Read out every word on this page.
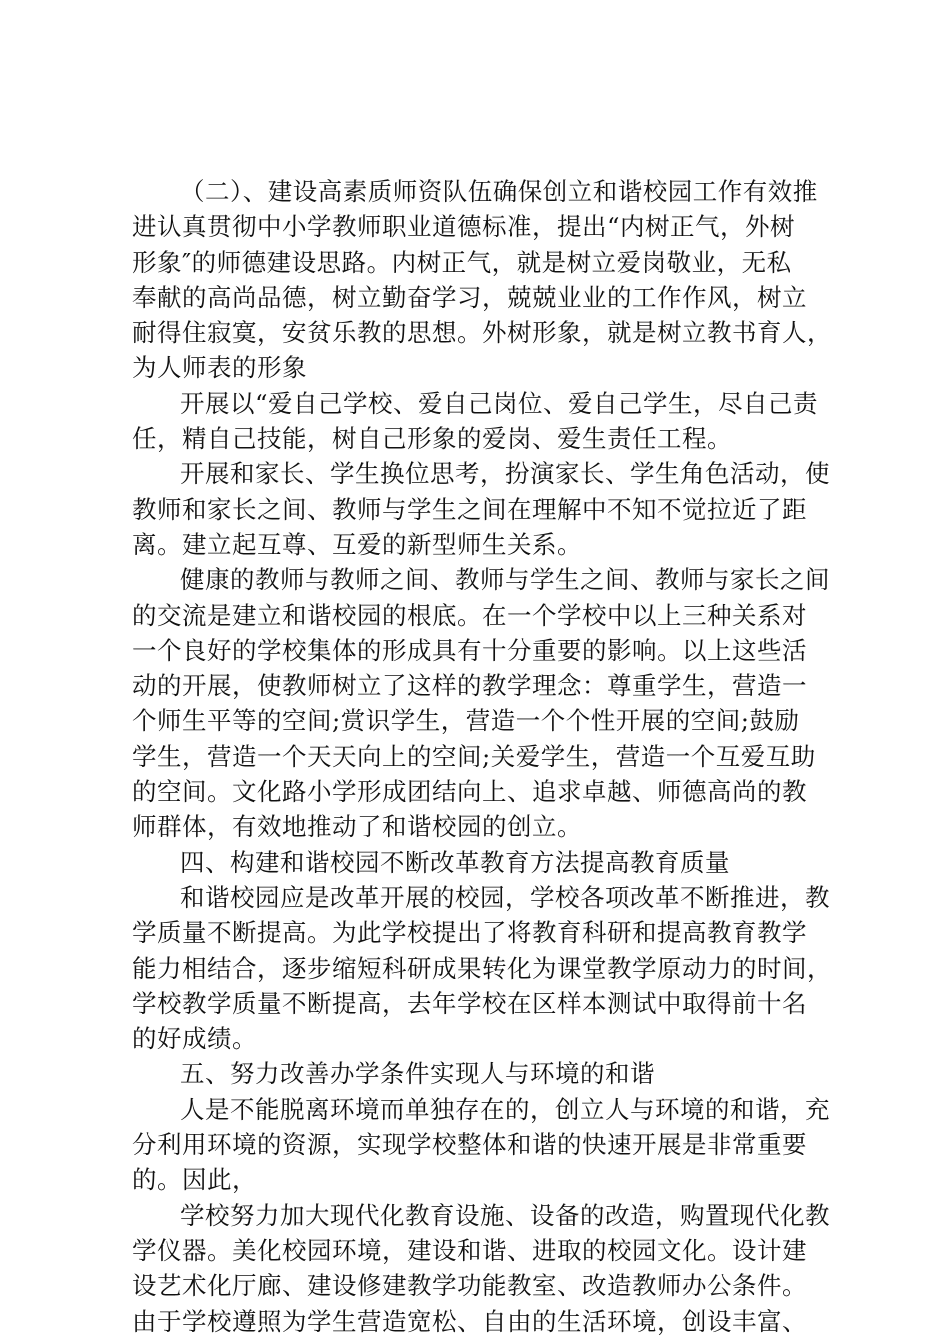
（二）、建设高素质师资队伍确保创立和谐校园工作有效推
进认真贯彻中小学教师职业道德标准，提出“内树正气，外树
形象″的师德建设思路。内树正气，就是树立爱岗敬业，无私
奉献的高尚品德，树立勤奋学习，兢兢业业的工作作风，树立
耐得住寂寞，安贫乐教的思想。外树形象，就是树立教书育人，
为人师表的形象
开展以“爱自己学校、爱自己岗位、爱自己学生，尽自己责
任，精自己技能，树自己形象的爱岗、爱生责任工程。
开展和家长、学生换位思考，扮演家长、学生角色活动，使
教师和家长之间、教师与学生之间在理解中不知不觉拉近了距
离。建立起互尊、互爱的新型师生关系。
健康的教师与教师之间、教师与学生之间、教师与家长之间
的交流是建立和谐校园的根底。在一个学校中以上三种关系对
一个良好的学校集体的形成具有十分重要的影响。以上这些活
动的开展，使教师树立了这样的教学理念：尊重学生，营造一
个师生平等的空间;赏识学生，营造一个个性开展的空间;鼓励
学生，营造一个天天向上的空间;关爱学生，营造一个互爱互助
的空间。文化路小学形成团结向上、追求卓越、师德高尚的教
师群体，有效地推动了和谐校园的创立。
四、构建和谐校园不断改革教育方法提高教育质量
和谐校园应是改革开展的校园，学校各项改革不断推进，教
学质量不断提高。为此学校提出了将教育科研和提高教育教学
能力相结合，逐步缩短科研成果转化为课堂教学原动力的时间，
学校教学质量不断提高，去年学校在区样本测试中取得前十名
的好成绩。
五、努力改善办学条件实现人与环境的和谐
人是不能脱离环境而单独存在的，创立人与环境的和谐，充
分利用环境的资源，实现学校整体和谐的快速开展是非常重要
的。因此，
学校努力加大现代化教育设施、设备的改造，购置现代化教
学仪器。美化校园环境，建设和谐、进取的校园文化。设计建
设艺术化厅廊、建设修建教学功能教室、改造教师办公条件。
由于学校遵照为学生营造宽松、自由的生活环境，创设丰富、
